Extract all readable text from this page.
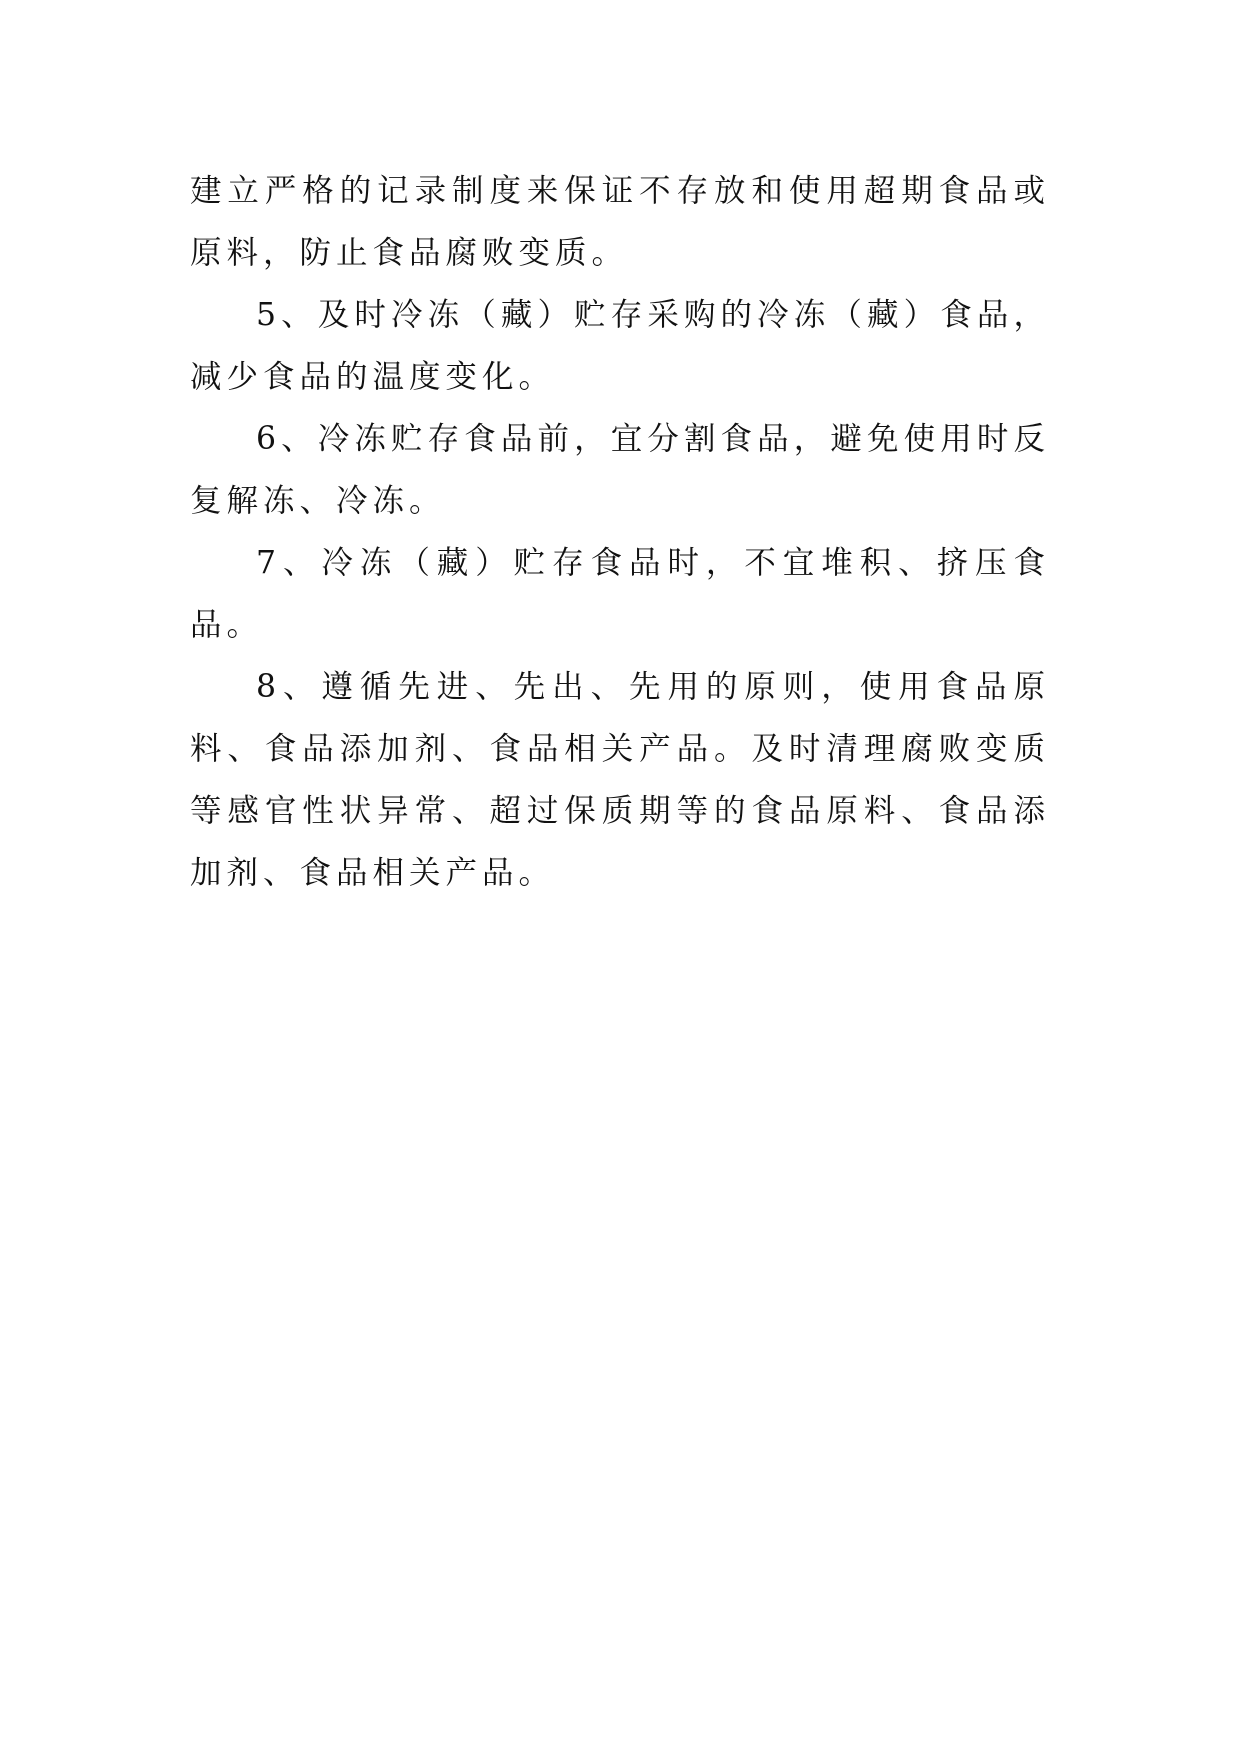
建立严格的记录制度来保证不存放和使用超期食品或原料，防止食品腐败变质。

5、及时冷冻（藏）贮存采购的冷冻（藏）食品，减少食品的温度变化。

6、冷冻贮存食品前，宜分割食品，避免使用时反复解冻、冷冻。

7、冷冻（藏）贮存食品时，不宜堆积、挤压食品。

8、遵循先进、先出、先用的原则，使用食品原料、食品添加剂、食品相关产品。及时清理腐败变质等感官性状异常、超过保质期等的食品原料、食品添加剂、食品相关产品。
